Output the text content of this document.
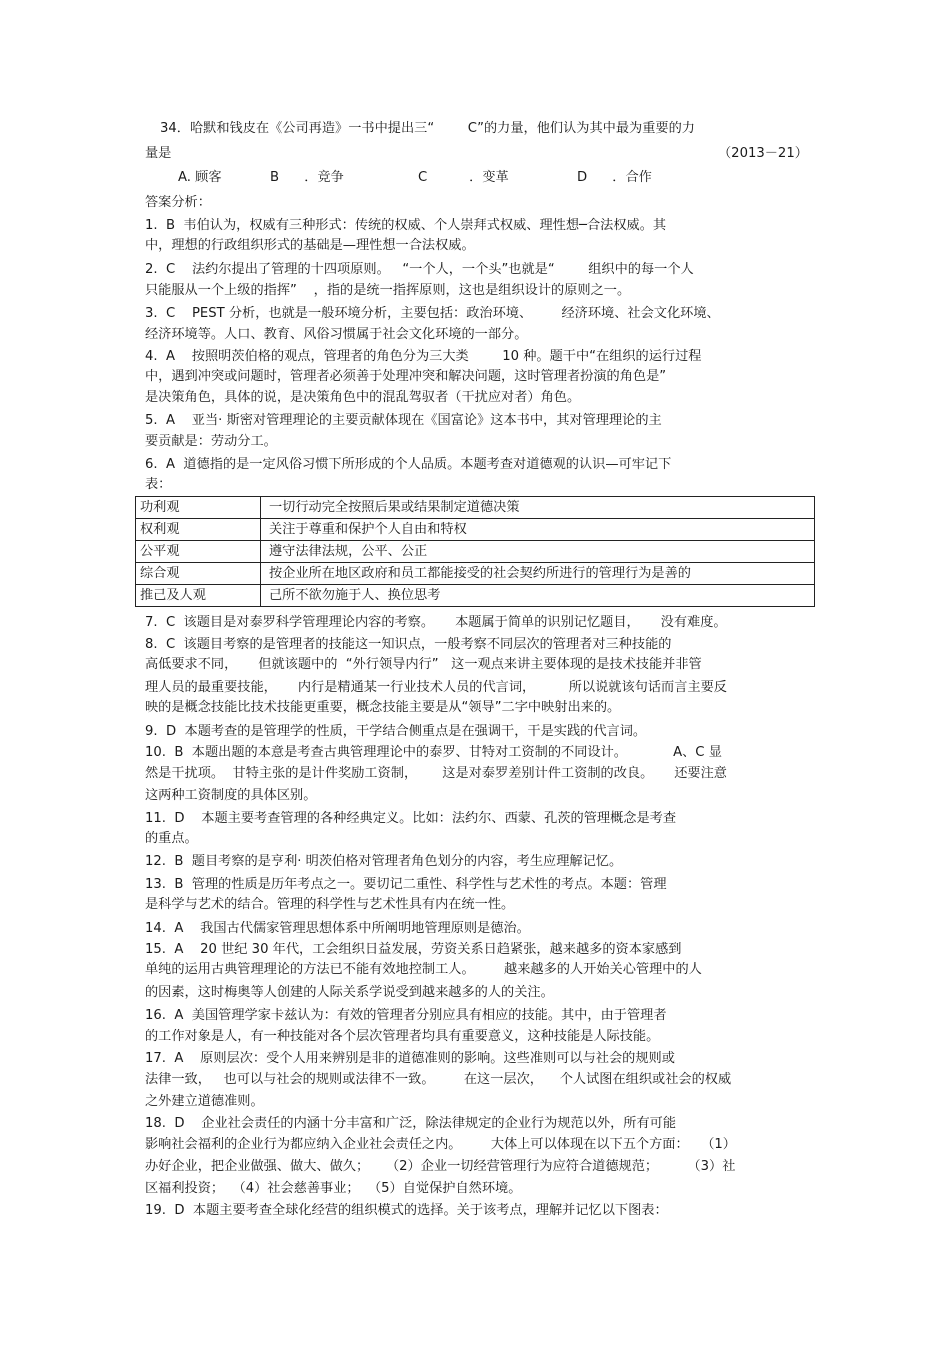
34．哈默和钱皮在《公司再造》一书中提出三“        C”的力量，他们认为其中最为重要的力
量是	（2013－21）
A. 顾客	B      ．竞争	C          ．变革	D      ．合作
答案分析：
1.  B  韦伯认为，权威有三种形式：传统的权威、个人崇拜式权威、理性想─合法权威。其
中，理想的行政组织形式的基础是—理性想一合法权威。
2.  C    法约尔提出了管理的十四项原则。   “一个人，一个头”也就是“        组织中的每一个人
只能服从一个上级的指挥”    ，指的是统一指挥原则，这也是组织设计的原则之一。
3.  C    PEST 分析，也就是一般环境分析，主要包括：政治环境、       经济环境、社会文化环境、
经济环境等。人口、教育、风俗习惯属于社会文化环境的一部分。
4.  A    按照明茨伯格的观点，管理者的角色分为三大类        10 种。题干中“在组织的运行过程
中，遇到冲突或问题时，管理者必须善于处理冲突和解决问题，这时管理者扮演的角色是”
是决策角色，具体的说，是决策角色中的混乱驾驭者（干扰应对者）角色。
5.  A    亚当· 斯密对管理理论的主要贡献体现在《国富论》这本书中，其对管理理论的主
要贡献是：劳动分工。
6.  A  道德指的是一定风俗习惯下所形成的个人品质。本题考查对道德观的认识—可牢记下
表：
功利观	一切行动完全按照后果或结果制定道德决策
权利观	关注于尊重和保护个人自由和特权
公平观	遵守法律法规，公平、公正
综合观	按企业所在地区政府和员工都能接受的社会契约所进行的管理行为是善的
推己及人观	己所不欲勿施于人、换位思考
7.  C  该题目是对泰罗科学管理理论内容的考察。     本题属于简单的识别记忆题目，     没有难度。
8.  C  该题目考察的是管理者的技能这一知识点，一般考察不同层次的管理者对三种技能的
高低要求不同，     但就该题中的  “外行领导内行”   这一观点来讲主要体现的是技术技能并非管
理人员的最重要技能，     内行是精通某一行业技术人员的代言词，        所以说就该句话而言主要反
映的是概念技能比技术技能更重要，概念技能主要是从“领导”二字中映射出来的。
9.  D  本题考查的是管理学的性质，干学结合侧重点是在强调干，干是实践的代言词。
10.  B  本题出题的本意是考查古典管理理论中的泰罗、甘特对工资制的不同设计。           A、C 显
然是干扰项。  甘特主张的是计件奖励工资制，      这是对泰罗差别计件工资制的改良。     还要注意
这两种工资制度的具体区别。
11.  D    本题主要考查管理的各种经典定义。比如：法约尔、西蒙、孔茨的管理概念是考查
的重点。
12.  B  题目考察的是亨利· 明茨伯格对管理者角色划分的内容，考生应理解记忆。
13.  B  管理的性质是历年考点之一。要切记二重性、科学性与艺术性的考点。本题：管理
是科学与艺术的结合。管理的科学性与艺术性具有内在统一性。
14.  A    我国古代儒家管理思想体系中所阐明地管理原则是德治。
15.  A    20 世纪 30 年代，工会组织日益发展，劳资关系日趋紧张，越来越多的资本家感到
单纯的运用古典管理理论的方法已不能有效地控制工人。       越来越多的人开始关心管理中的人
的因素，这时梅奥等人创建的人际关系学说受到越来越多的人的关注。
16.  A  美国管理学家卡兹认为：有效的管理者分别应具有相应的技能。其中，由于管理者
的工作对象是人，有一种技能对各个层次管理者均具有重要意义，这种技能是人际技能。
17.  A    原则层次：受个人用来辨别是非的道德准则的影响。这些准则可以与社会的规则或
法律一致，   也可以与社会的规则或法律不一致。       在这一层次，    个人试图在组织或社会的权威
之外建立道德准则。
18.  D    企业社会责任的内涵十分丰富和广泛，除法律规定的企业行为规范以外，所有可能
影响社会福利的企业行为都应纳入企业社会责任之内。       大体上可以体现在以下五个方面：   （1）
办好企业，把企业做强、做大、做久；    （2）企业一切经营管理行为应符合道德规范；       （3）社
区福利投资；  （4）社会慈善事业；  （5）自觉保护自然环境。
19.  D  本题主要考查全球化经营的组织模式的选择。关于该考点，理解并记忆以下图表：
